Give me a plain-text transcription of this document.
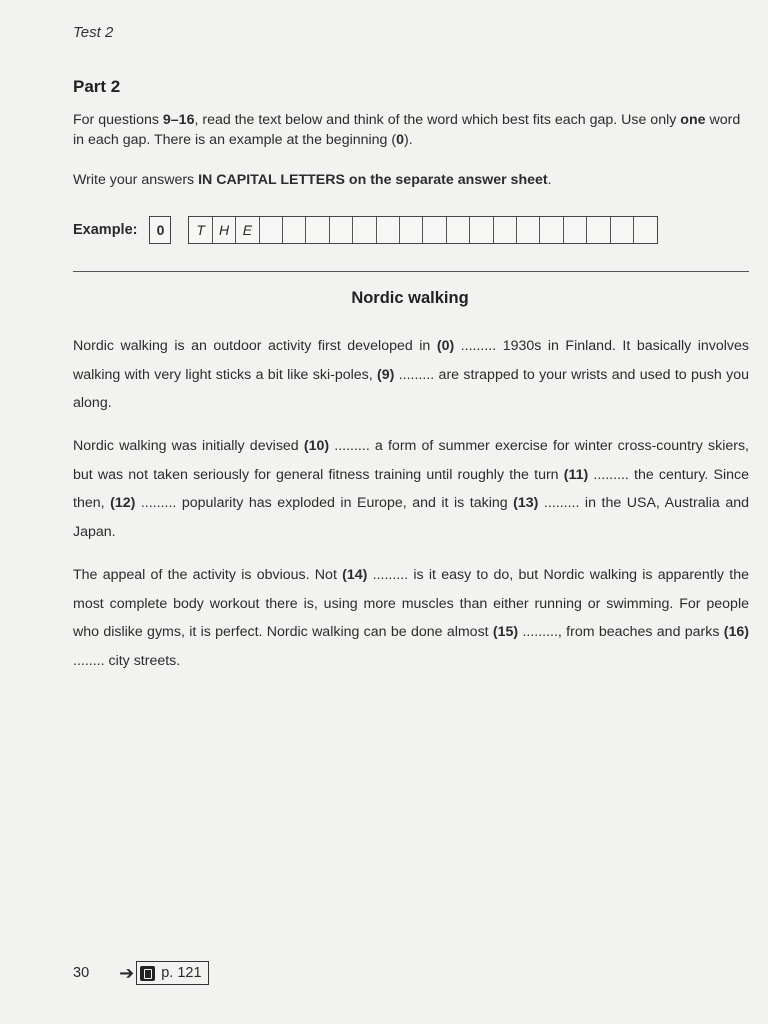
Test 2
Part 2
For questions 9–16, read the text below and think of the word which best fits each gap. Use only one word in each gap. There is an example at the beginning (0).
Write your answers IN CAPITAL LETTERS on the separate answer sheet.
Example:	0	T	H E
Nordic walking
Nordic walking is an outdoor activity first developed in (0) ......... 1930s in Finland. It basically involves walking with very light sticks a bit like ski-poles, (9) ......... are strapped to your wrists and used to push you along.
Nordic walking was initially devised (10) ......... a form of summer exercise for winter cross-country skiers, but was not taken seriously for general fitness training until roughly the turn (11) ......... the century. Since then, (12) ......... popularity has exploded in Europe, and it is taking (13) ......... in the USA, Australia and Japan.
The appeal of the activity is obvious. Not (14) ......... is it easy to do, but Nordic walking is apparently the most complete body workout there is, using more muscles than either running or swimming. For people who dislike gyms, it is perfect. Nordic walking can be done almost (15) ........., from beaches and parks (16) ........ city streets.
30 ➔ p. 121
